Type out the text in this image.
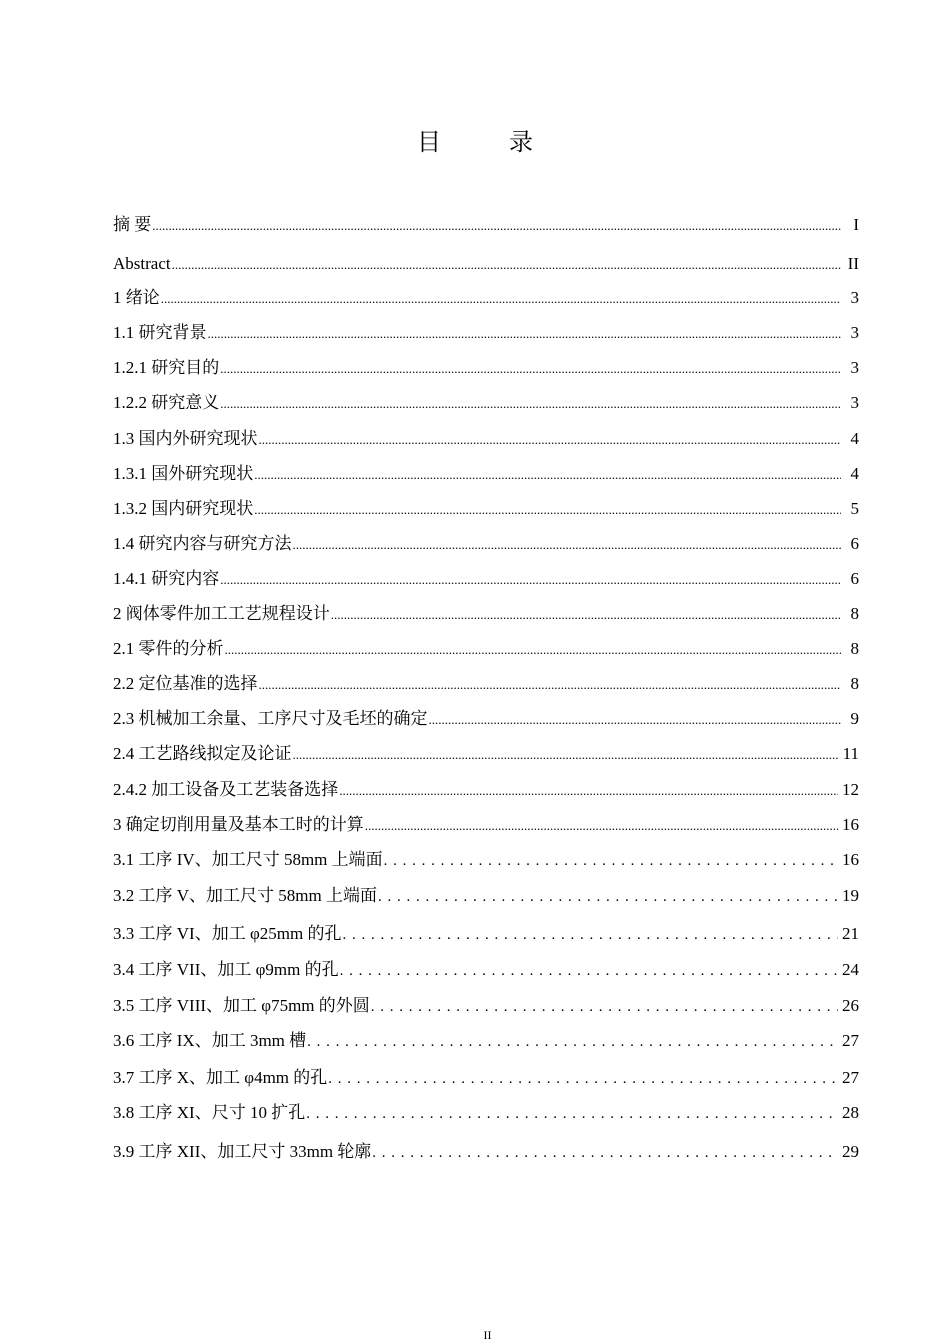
目　录
摘 要 .....	I
Abstract .....	II
1 绪论 .....	3
1.1 研究背景 .....	3
1.2.1 研究目的 .....	3
1.2.2 研究意义 .....	3
1.3 国内外研究现状 .....	4
1.3.1 国外研究现状 .....	4
1.3.2 国内研究现状 .....	5
1.4 研究内容与研究方法 .....	6
1.4.1 研究内容 .....	6
2 阀体零件加工工艺规程设计 .....	8
2.1 零件的分析 .....	8
2.2 定位基准的选择 .....	8
2.3 机械加工余量、工序尺寸及毛坯的确定 .....	9
2.4 工艺路线拟定及论证 .....	11
2.4.2 加工设备及工艺装备选择 .....	12
3 确定切削用量及基本工时的计算 .....	16
3.1 工序 IV、加工尺寸 58mm 上端面 . . .	16
3.2 工序 V、加工尺寸 58mm 上端面 . . .	19
3.3 工序 VI、加工 φ25mm 的孔 . . .	21
3.4 工序 VII、加工 φ9mm 的孔 . . .	24
3.5 工序 VIII、加工 φ75mm 的外圆 . . .	26
3.6 工序 IX、加工 3mm 槽 . . .	27
3.7 工序 X、加工 φ4mm 的孔 . . .	27
3.8 工序 XI、尺寸 10 扩孔 . . .	28
3.9 工序 XII、加工尺寸 33mm 轮廓 . . .	29
II
